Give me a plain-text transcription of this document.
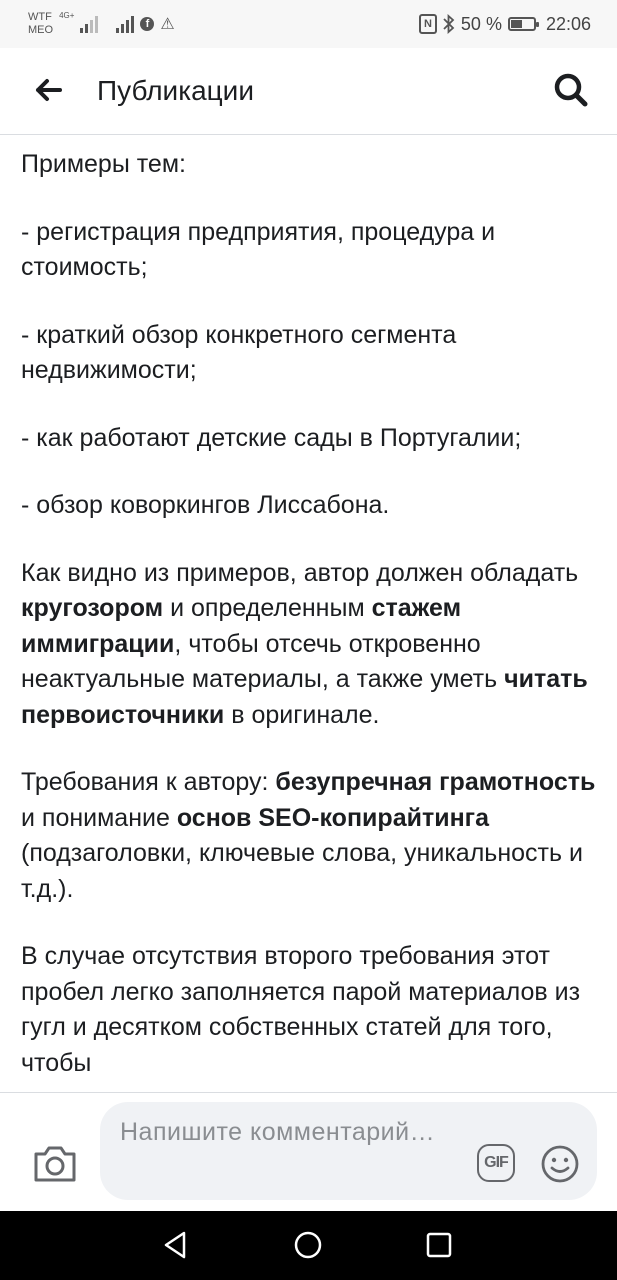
WTF
MEO
4G+
f ⚠	N 50 % 22:06
Публикации

Примеры тем:

- регистрация предприятия, процедура и стоимость;

- краткий обзор конкретного сегмента недвижимости;

- как работают детские сады в Португалии;

- обзор коворкингов Лиссабона.

Как видно из примеров, автор должен обладать кругозором и определенным стажем иммиграции, чтобы отсечь откровенно неактуальные материалы, а также уметь читать первоисточники в оригинале.

Требования к автору: безупречная грамотность и понимание основ SEO-копирайтинга (подзаголовки, ключевые слова, уникальность и т.д.).

В случае отсутствия второго требования этот пробел легко заполняется парой материалов из гугл и десятком собственных статей для того, чтобы

Напишите комментарий…
GIF
